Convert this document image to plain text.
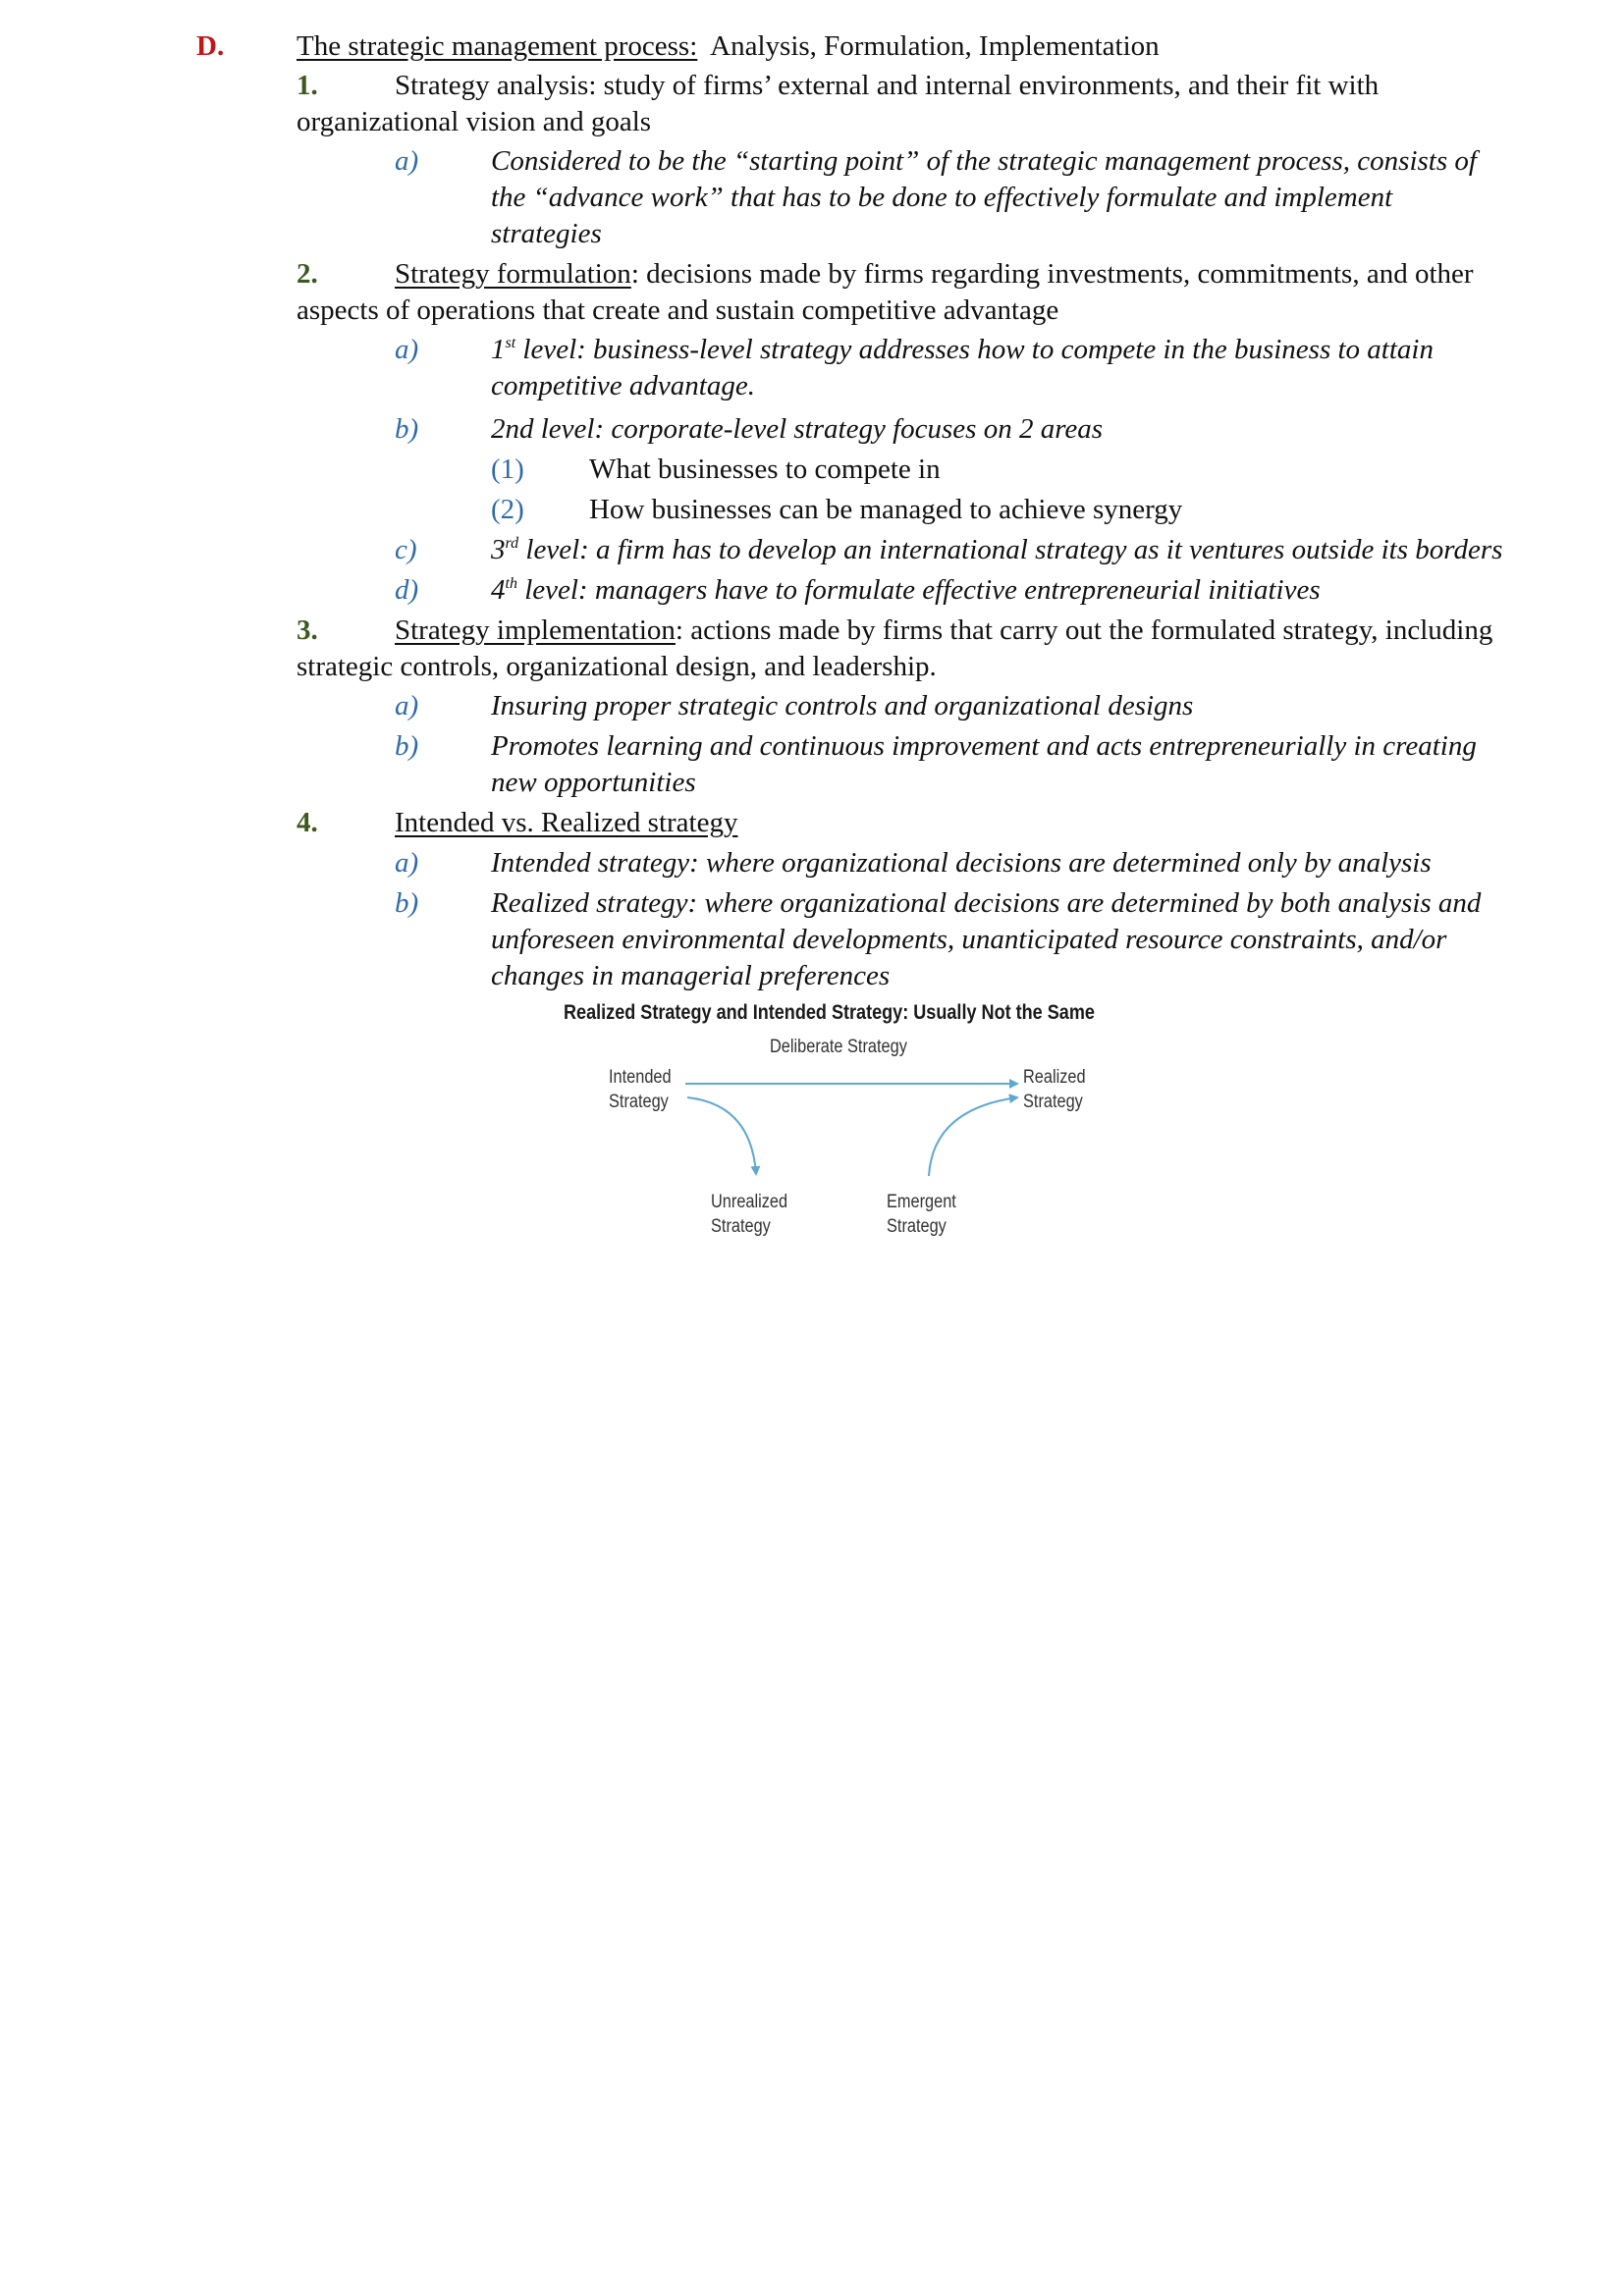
D.	The strategic management process: Analysis, Formulation, Implementation
1.	Strategy analysis: study of firms’ external and internal environments, and their fit with
organizational vision and goals
a)	Considered to be the “starting point” of the strategic management process, consists of
the “advance work” that has to be done to effectively formulate and implement
strategies
2.	Strategy formulation: decisions made by firms regarding investments, commitments, and other
aspects of operations that create and sustain competitive advantage
a)	1st level: business-level strategy addresses how to compete in the business to attain
competitive advantage.
b)	2nd level: corporate-level strategy focuses on 2 areas
(1) What businesses to compete in
(2) How businesses can be managed to achieve synergy
c)	3rd level: a firm has to develop an international strategy as it ventures outside its borders
d)	4th level: managers have to formulate effective entrepreneurial initiatives
3.	Strategy implementation: actions made by firms that carry out the formulated strategy, including
strategic controls, organizational design, and leadership.
a)	Insuring proper strategic controls and organizational designs
b)	Promotes learning and continuous improvement and acts entrepreneurially in creating
new opportunities
4.	Intended vs. Realized strategy
a)	Intended strategy: where organizational decisions are determined only by analysis
b)	Realized strategy: where organizational decisions are determined by both analysis and
unforeseen environmental developments, unanticipated resource constraints, and/or
changes in managerial preferences
Realized Strategy and Intended Strategy: Usually Not the Same
Deliberate Strategy
Intended
Strategy
Realized
Strategy
Unrealized
Strategy
Emergent
Strategy
